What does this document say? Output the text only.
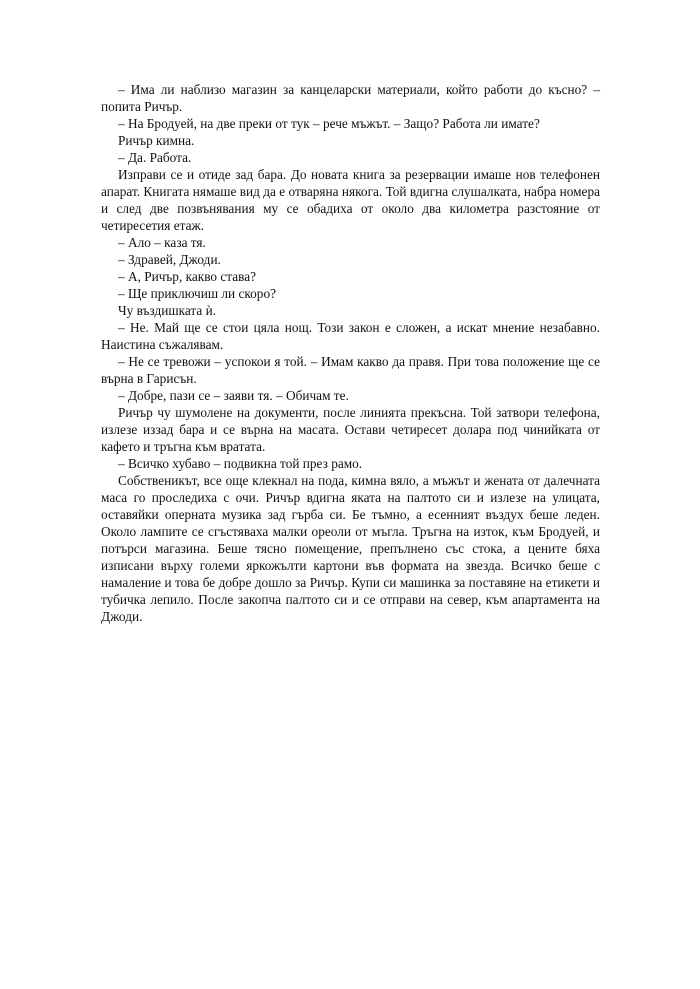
– Има ли наблизо магазин за канцеларски материали, който работи до късно? – попита Ричър.

– На Бродуей, на две преки от тук – рече мъжът. – Защо? Работа ли имате?

Ричър кимна.

– Да. Работа.

Изправи се и отиде зад бара. До новата книга за резервации имаше нов телефонен апарат. Книгата нямаше вид да е отваряна някога. Той вдигна слушалката, набра номера и след две позвънявания му се обадиха от около два километра разстояние от четиресетия етаж.

– Ало – каза тя.

– Здравей, Джоди.

– А, Ричър, какво става?

– Ще приключиш ли скоро?

Чу въздишката ѝ.

– Не. Май ще се стои цяла нощ. Този закон е сложен, а искат мнение незабавно. Наистина съжалявам.

– Не се тревожи – успокои я той. – Имам какво да правя. При това положение ще се върна в Гарисън.

– Добре, пази се – заяви тя. – Обичам те.

Ричър чу шумолене на документи, после линията прекъсна. Той затвори телефона, излезе иззад бара и се върна на масата. Остави четиресет долара под чинийката от кафето и тръгна към вратата.

– Всичко хубаво – подвикна той през рамо.

Собственикът, все още клекнал на пода, кимна вяло, а мъжът и жената от далечната маса го проследиха с очи. Ричър вдигна яката на палтото си и излезе на улицата, оставяйки оперната музика зад гърба си. Бе тъмно, а есенният въздух беше леден. Около лампите се сгъстяваха малки ореоли от мъгла. Тръгна на изток, към Бродуей, и потърси магазина. Беше тясно помещение, препълнено със стока, а цените бяха изписани върху големи яркожълти картони във формата на звезда. Всичко беше с намаление и това бе добре дошло за Ричър. Купи си машинка за поставяне на етикети и тубичка лепило. После закопча палтото си и се отправи на север, към апартамента на Джоди.
